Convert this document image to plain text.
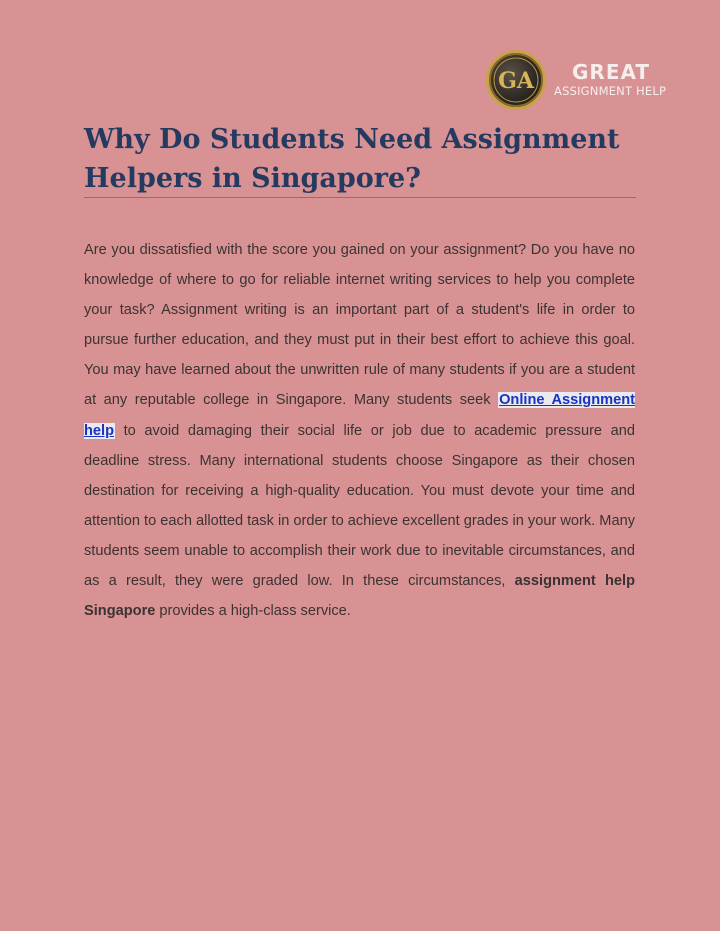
GA GREAT
ASSIGNMENT HELP
Why Do Students Need Assignment Helpers in Singapore?

Are you dissatisfied with the score you gained on your assignment? Do you have no knowledge of where to go for reliable internet writing services to help you complete your task? Assignment writing is an important part of a student's life in order to pursue further education, and they must put in their best effort to achieve this goal. You may have learned about the unwritten rule of many students if you are a student at any reputable college in Singapore. Many students seek Online Assignment help to avoid damaging their social life or job due to academic pressure and deadline stress. Many international students choose Singapore as their chosen destination for receiving a high-quality education. You must devote your time and attention to each allotted task in order to achieve excellent grades in your work. Many students seem unable to accomplish their work due to inevitable circumstances, and as a result, they were graded low. In these circumstances, assignment help Singapore provides a high-class service.
